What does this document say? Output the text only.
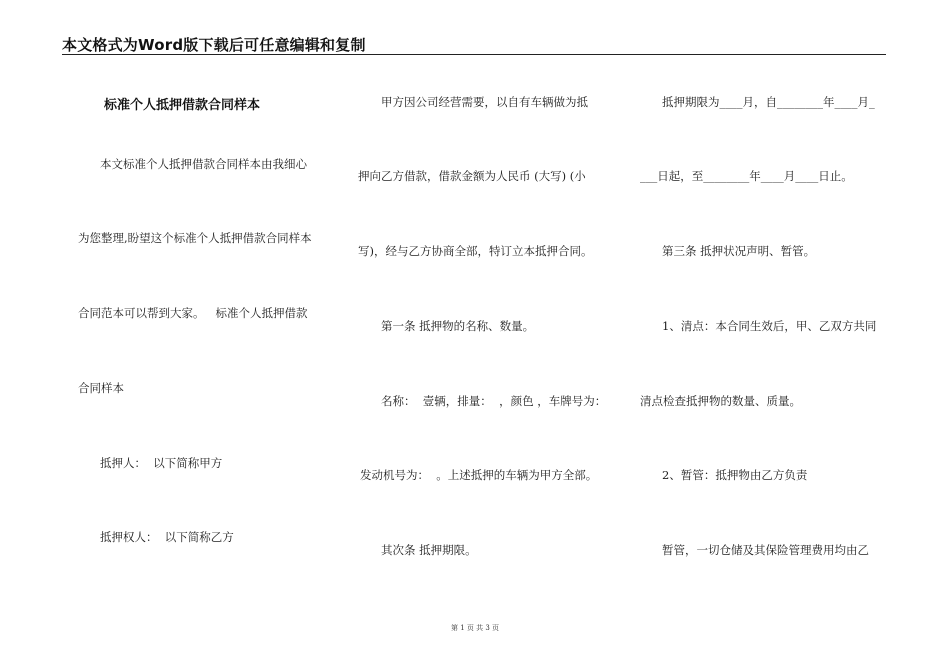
本文格式为Word版下载后可任意编辑和复制
标准个人抵押借款合同样本
本文标准个人抵押借款合同样本由我细心
为您整理,盼望这个标准个人抵押借款合同样本
合同范本可以帮到大家。   标准个人抵押借款
合同样本
抵押人：  以下简称甲方
抵押权人：  以下简称乙方
甲方因公司经营需要，以自有车辆做为抵
押向乙方借款，借款金额为人民币 (大写) (小
写)，经与乙方协商全部，特订立本抵押合同。
第一条 抵押物的名称、数量。
名称：  壹辆，排量：  ，颜色 ，车牌号为：
发动机号为：  。上述抵押的车辆为甲方全部。
其次条 抵押期限。
抵押期限为____月，自________年____月_
___日起，至________年____月____日止。
第三条 抵押状况声明、暂管。
1、清点：本合同生效后，甲、乙双方共同
清点检查抵押物的数量、质量。
2、暂管：抵押物由乙方负责
暂管，一切仓储及其保险管理费用均由乙
第 1 页 共 3 页
